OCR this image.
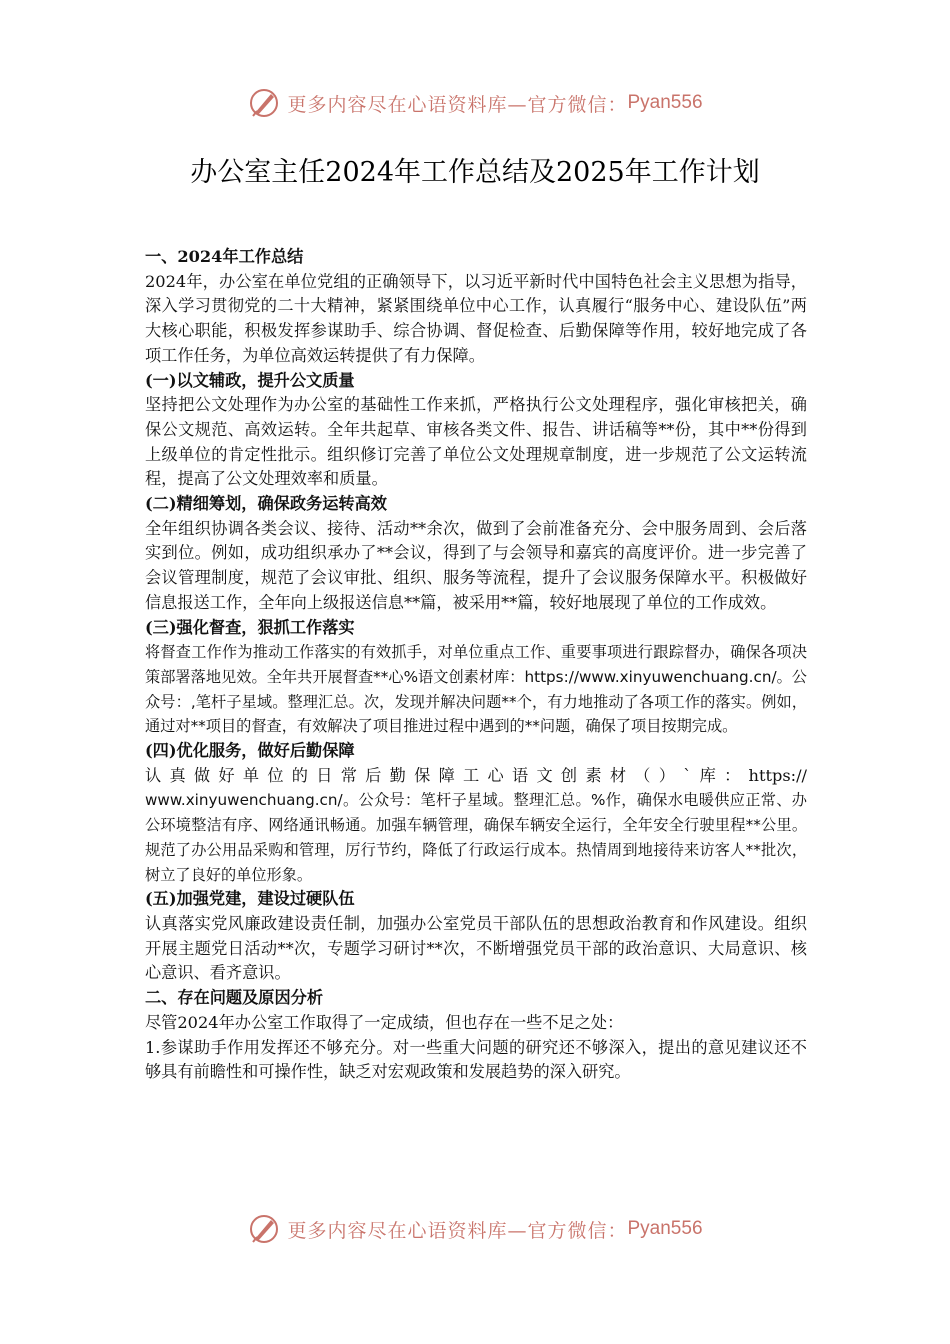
更多内容尽在心语资料库—官方微信： Pyan556
办公室主任2024年工作总结及2025年工作计划

一、2024年工作总结

2024年，办公室在单位党组的正确领导下，以习近平新时代中国特色社会主义思想为指导，深入学习贯彻党的二十大精神，紧紧围绕单位中心工作，认真履行“服务中心、建设队伍”两大核心职能，积极发挥参谋助手、综合协调、督促检查、后勤保障等作用，较好地完成了各项工作任务，为单位高效运转提供了有力保障。

(一)以文辅政，提升公文质量

坚持把公文处理作为办公室的基础性工作来抓，严格执行公文处理程序，强化审核把关，确保公文规范、高效运转。全年共起草、审核各类文件、报告、讲话稿等**份，其中**份得到上级单位的肯定性批示。组织修订完善了单位公文处理规章制度，进一步规范了公文运转流程，提高了公文处理效率和质量。

(二)精细筹划，确保政务运转高效

全年组织协调各类会议、接待、活动**余次，做到了会前准备充分、会中服务周到、会后落实到位。例如，成功组织承办了**会议，得到了与会领导和嘉宾的高度评价。进一步完善了会议管理制度，规范了会议审批、组织、服务等流程，提升了会议服务保障水平。积极做好信息报送工作，全年向上级报送信息**篇，被采用**篇，较好地展现了单位的工作成效。

(三)强化督查，狠抓工作落实

将督查工作作为推动工作落实的有效抓手，对单位重点工作、重要事项进行跟踪督办，确保各项决策部署落地见效。全年共开展督查**心%语文创素材库：https://www.xinyuwenchuang.cn/。公众号：,笔杆子星域。整理汇总。次，发现并解决问题**个，有力地推动了各项工作的落实。例如，通过对**项目的督查，有效解决了项目推进过程中遇到的**问题，确保了项目按期完成。

(四)优化服务，做好后勤保障

认真做好单位的日常后勤保障工心语文创素材（）`库：https://

www.xinyuwenchuang.cn/。公众号：笔杆子星域。整理汇总。%作，确保水电暖供应正常、办公环境整洁有序、网络通讯畅通。加强车辆管理，确保车辆安全运行，全年安全行驶里程**公里。规范了办公用品采购和管理，厉行节约，降低了行政运行成本。热情周到地接待来访客人**批次，树立了良好的单位形象。

(五)加强党建，建设过硬队伍

认真落实党风廉政建设责任制，加强办公室党员干部队伍的思想政治教育和作风建设。组织开展主题党日活动**次，专题学习研讨**次，不断增强党员干部的政治意识、大局意识、核心意识、看齐意识。

二、存在问题及原因分析

尽管2024年办公室工作取得了一定成绩，但也存在一些不足之处：

1.参谋助手作用发挥还不够充分。对一些重大问题的研究还不够深入，提出的意见建议还不够具有前瞻性和可操作性，缺乏对宏观政策和发展趋势的深入研究。

更多内容尽在心语资料库—官方微信： Pyan556
